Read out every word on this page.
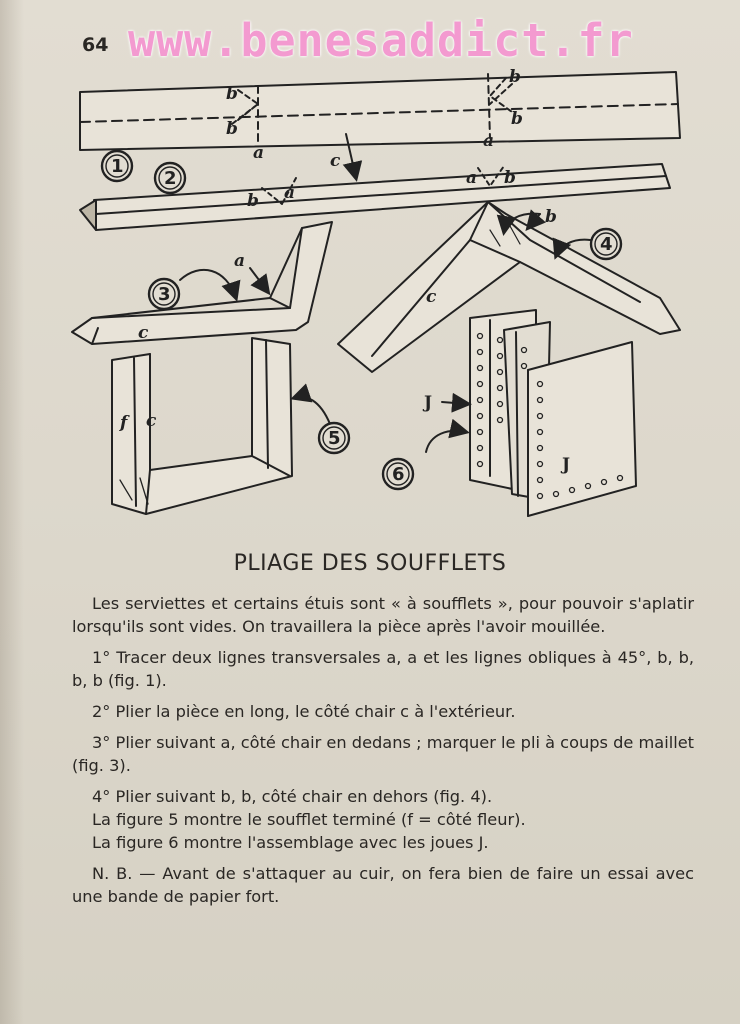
64 www.benesaddict.fr
b
b
a
b
b
a
1
b a
a b
c
2
a
c
3
b
c
4
f c
5
J
J
6
PLIAGE DES SOUFFLETS

Les serviettes et certains étuis sont « à soufflets », pour pouvoir s'aplatir lorsqu'ils sont vides. On travaillera la pièce après l'avoir mouillée.

1° Tracer deux lignes transversales a, a et les lignes obliques à 45°, b, b, b, b (fig. 1).

2° Plier la pièce en long, le côté chair c à l'extérieur.

3° Plier suivant a, côté chair en dedans ; marquer le pli à coups de maillet (fig. 3).

4° Plier suivant b, b, côté chair en dehors (fig. 4).

La figure 5 montre le soufflet terminé (f = côté fleur).

La figure 6 montre l'assemblage avec les joues J.

N. B. — Avant de s'attaquer au cuir, on fera bien de faire un essai avec une bande de papier fort.
